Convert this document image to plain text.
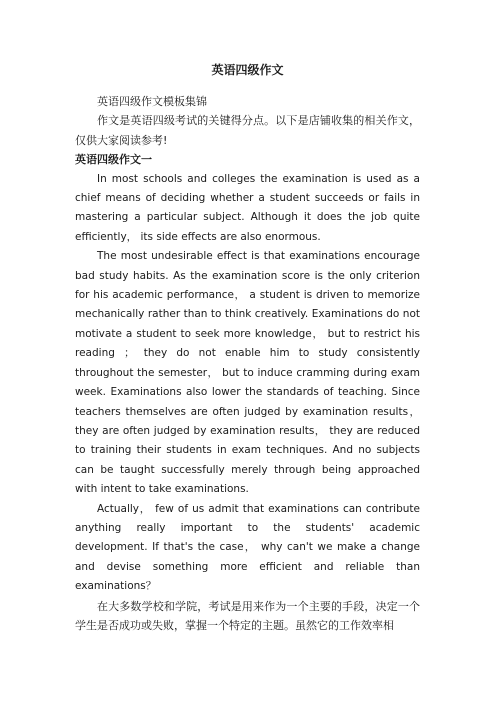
英语四级作文

英语四级作文模板集锦

作文是英语四级考试的关键得分点。以下是店铺收集的相关作文，仅供大家阅读参考!

英语四级作文一

In most schools and colleges the examination is used as a chief means of deciding whether a student succeeds or fails in mastering a particular subject. Although it does the job quite efficiently， its side effects are also enormous.

The most undesirable effect is that examinations encourage bad study habits. As the examination score is the only criterion for his academic performance， a student is driven to memorize mechanically rather than to think creatively. Examinations do not motivate a student to seek more knowledge， but to restrict his reading ； they do not enable him to study consistently throughout the semester， but to induce cramming during exam week. Examinations also lower the standards of teaching. Since teachers themselves are often judged by examination results， they are often judged by examination results， they are reduced to training their students in exam techniques. And no subjects can be taught successfully merely through being approached with intent to take examinations.

Actually， few of us admit that examinations can contribute anything really important to the students' academic development. If that's the case， why can't we make a change and devise something more efficient and reliable than examinations？

在大多数学校和学院，考试是用来作为一个主要的手段，决定一个学生是否成功或失败，掌握一个特定的主题。虽然它的工作效率相
